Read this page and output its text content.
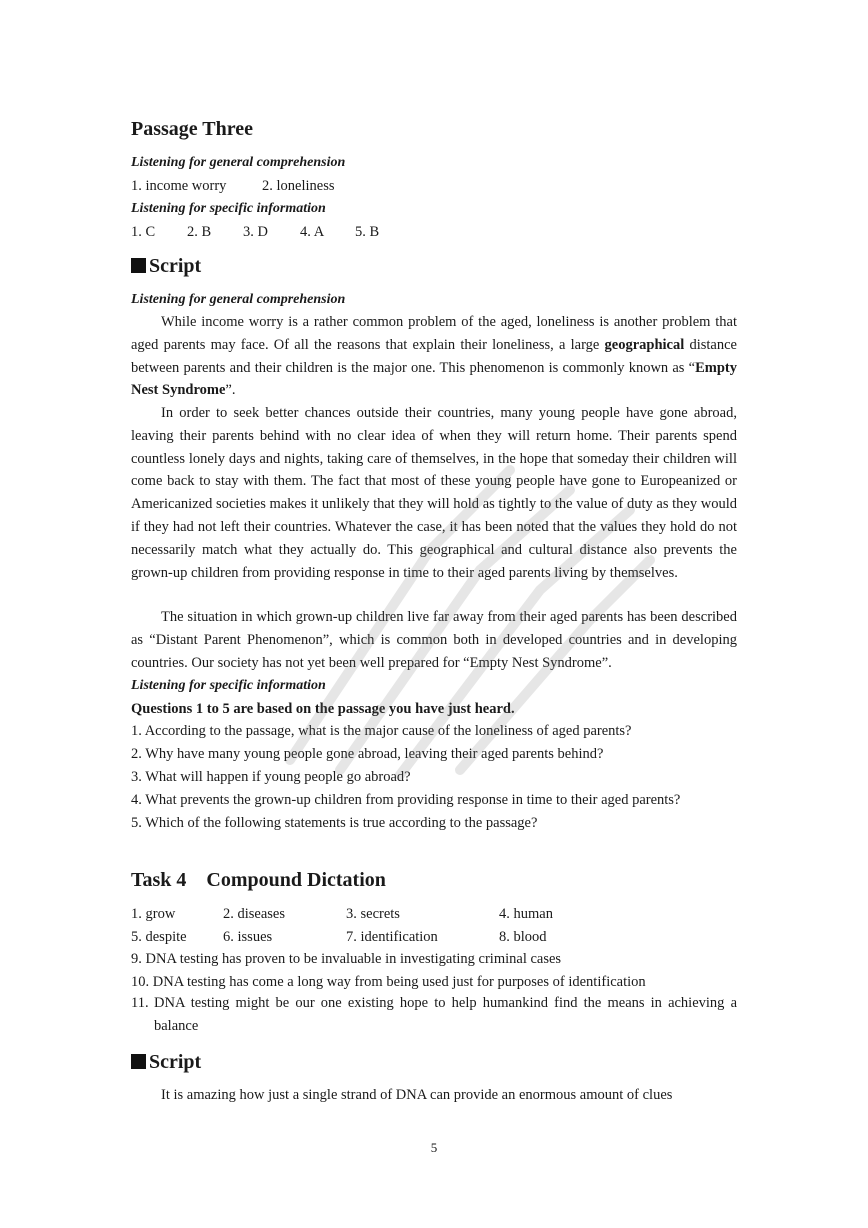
Passage Three
Listening for general comprehension
1. income worry 2. loneliness
Listening for specific information
1. C 2. B 3. D 4. A 5. B
Script
Listening for general comprehension

While income worry is a rather common problem of the aged, loneliness is another problem that aged parents may face. Of all the reasons that explain their loneliness, a large geographical distance between parents and their children is the major one. This phenomenon is commonly known as “Empty Nest Syndrome”.

In order to seek better chances outside their countries, many young people have gone abroad, leaving their parents behind with no clear idea of when they will return home. Their parents spend countless lonely days and nights, taking care of themselves, in the hope that someday their children will come back to stay with them. The fact that most of these young people have gone to Europeanized or Americanized societies makes it unlikely that they will hold as tightly to the value of duty as they would if they had not left their countries. Whatever the case, it has been noted that the values they hold do not necessarily match what they actually do. This geographical and cultural distance also prevents the grown-up children from providing response in time to their aged parents living by themselves.

The situation in which grown-up children live far away from their aged parents has been described as “Distant Parent Phenomenon”, which is common both in developed countries and in developing countries. Our society has not yet been well prepared for “Empty Nest Syndrome”.

Listening for specific information
Questions 1 to 5 are based on the passage you have just heard.
1. According to the passage, what is the major cause of the loneliness of aged parents?
2. Why have many young people gone abroad, leaving their aged parents behind?
3. What will happen if young people go abroad?
4. What prevents the grown-up children from providing response in time to their aged parents?
5. Which of the following statements is true according to the passage?
Task 4    Compound Dictation
1. grow	2. diseases	3. secrets	4. human
5. despite	6. issues	7. identification	8. blood
9. DNA testing has proven to be invaluable in investigating criminal cases
10. DNA testing has come a long way from being used just for purposes of identification
11. DNA testing might be our one existing hope to help humankind find the means in achieving a balance
Script

It is amazing how just a single strand of DNA can provide an enormous amount of clues

5
